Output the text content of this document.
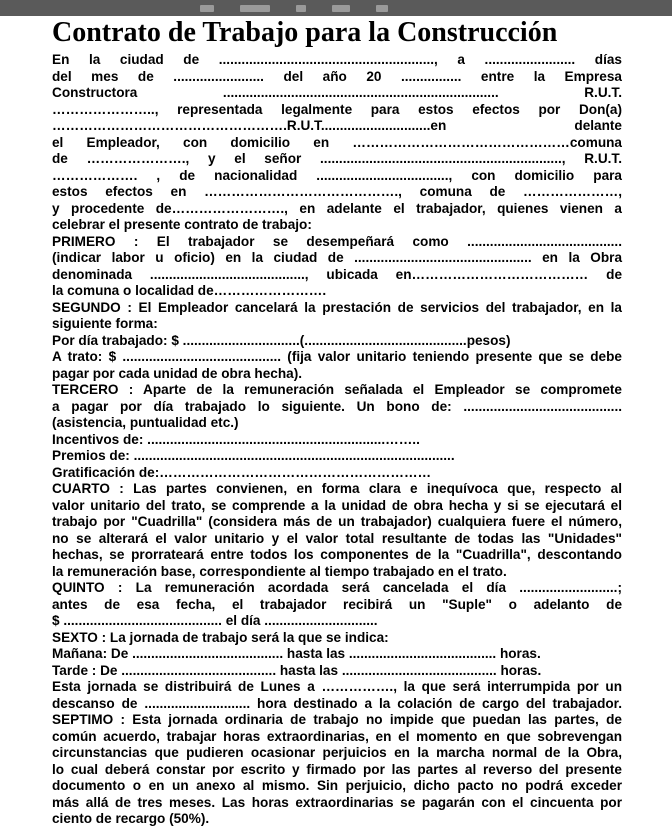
Contrato de Trabajo para la Construcción

En la ciudad de ........................................................., a ........................ días

del mes de ........................ del año 20 ................ entre la Empresa

Constructora ......................................................................... R.U.T.

………………….., representada legalmente para estos efectos por Don(a)

…………………………………………….R.U.T.............................en delante

el Empleador, con domicilio en …………………………………………comuna

de …………………., y el señor ................................................................, R.U.T.

………………. , de nacionalidad ..................................., con domicilio para

estos efectos en ……………………………………., comuna de …………………,

y procedente de……………………., en adelante el trabajador, quienes vienen a

celebrar el presente contrato de trabajo:

PRIMERO : El trabajador se desempeñará como .........................................

(indicar labor u oficio) en la ciudad de ............................................... en la Obra

denominada ........................................., ubicada en………………………………… de

la comuna o localidad de…………………….

SEGUNDO : El Empleador cancelará la prestación de servicios del trabajador, en la

siguiente forma:

Por día trabajado: $ ...............................(...........................................pesos)

A trato: $ .......................................... (fija valor unitario teniendo presente que se debe

pagar por cada unidad de obra hecha).

TERCERO : Aparte de la remuneración señalada el Empleador se compromete

a pagar por día trabajado lo siguiente. Un bono de: ..........................................

(asistencia, puntualidad etc.)

Incentivos de: ...............................................................……..

Premios de: .....................................................................................

Gratificación de:……………………………………………………

CUARTO : Las partes convienen, en forma clara e inequívoca que, respecto al

valor unitario del trato, se comprende a la unidad de obra hecha y si se ejecutará el

trabajo por "Cuadrilla" (considera más de un trabajador) cualquiera fuere el número,

no se alterará el valor unitario y el valor total resultante de todas las "Unidades"

hechas, se prorrateará entre todos los componentes de la "Cuadrilla", descontando

la remuneración base, correspondiente al tiempo trabajado en el trato.

QUINTO : La remuneración acordada será cancelada el día ..........................;

antes de esa fecha, el trabajador recibirá un "Suple" o adelanto de

$ .......................................... el día ..............................

SEXTO : La jornada de trabajo será la que se indica:

Mañana: De ........................................ hasta las ....................................... horas.

Tarde : De ......................................... hasta las ......................................... horas.

Esta jornada se distribuirá de Lunes a ……………., la que será interrumpida por un

descanso de ............................ hora destinado a la colación de cargo del trabajador.

SEPTIMO : Esta jornada ordinaria de trabajo no impide que puedan las partes, de

común acuerdo, trabajar horas extraordinarias, en el momento en que sobrevengan

circunstancias que pudieren ocasionar perjuicios en la marcha normal de la Obra,

lo cual deberá constar por escrito y firmado por las partes al reverso del presente

documento o en un anexo al mismo. Sin perjuicio, dicho pacto no podrá exceder

más allá de tres meses. Las horas extraordinarias se pagarán con el cincuenta por

ciento de recargo (50%).
